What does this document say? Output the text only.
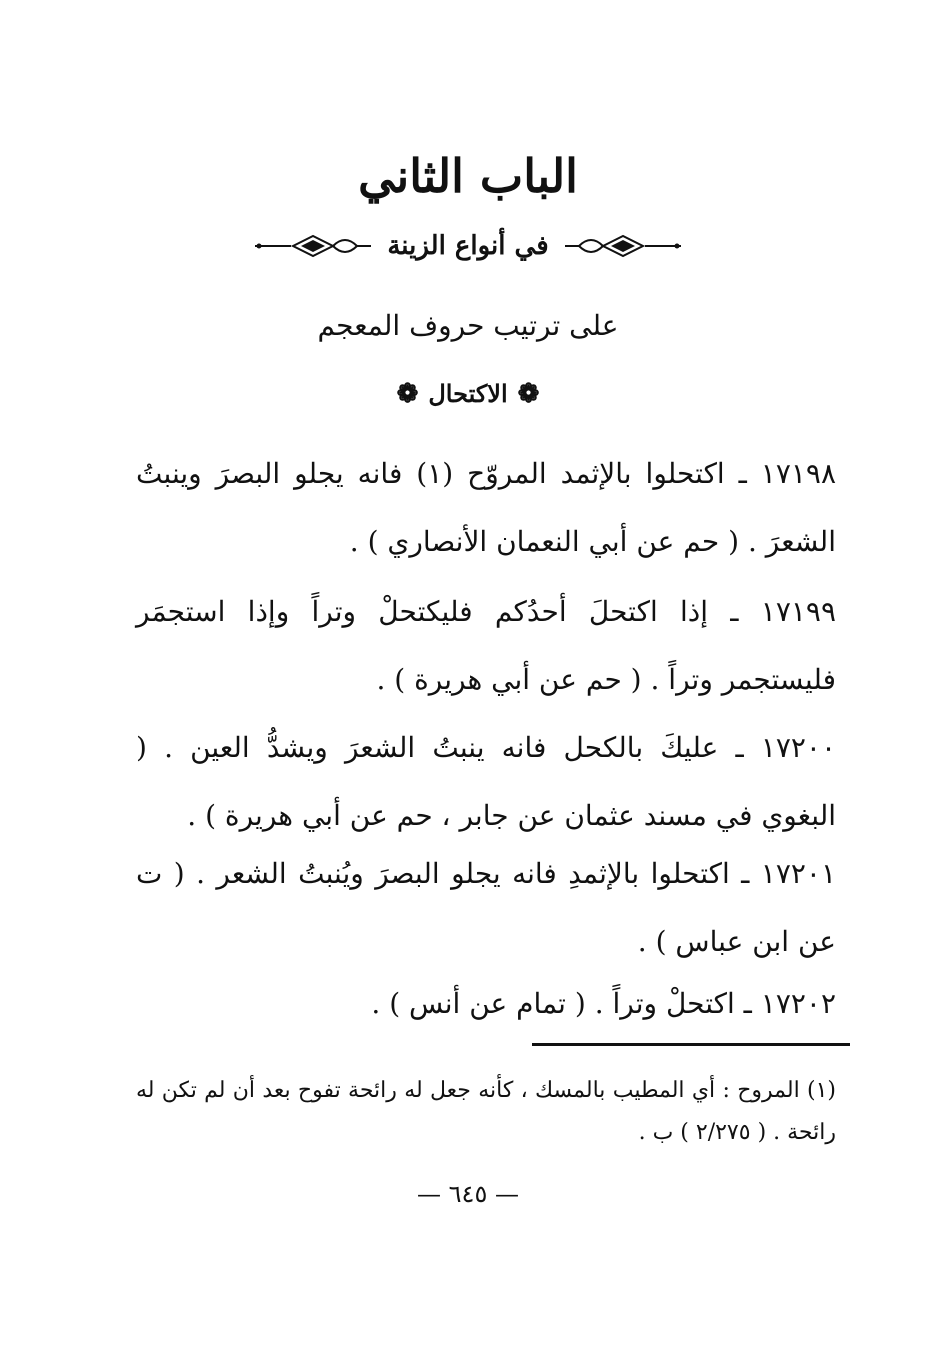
الباب الثاني
في أنواع الزينة
على ترتيب حروف المعجم
❁ الاكتحال ❁
١٧١٩٨ ـ اكتحلوا بالإثمد المروّح (١) فانه يجلو البصرَ وينبتُ الشعرَ . ( حم عن أبي النعمان الأنصاري ) .
١٧١٩٩ ـ إذا اكتحلَ أحدُكم فليكتحلْ وتراً وإذا استجمَر فليستجمر وتراً . ( حم عن أبي هريرة ) .
١٧٢٠٠ ـ عليكَ بالكحل فانه ينبتُ الشعرَ ويشدُّ العين . ( البغوي في مسند عثمان عن جابر ، حم عن أبي هريرة ) .
١٧٢٠١ ـ اكتحلوا بالإثمدِ فانه يجلو البصرَ ويُنبتُ الشعر . ( ت عن ابن عباس ) .
١٧٢٠٢ ـ اكتحلْ وتراً . ( تمام عن أنس ) .
(١) المروح : أي المطيب بالمسك ، كأنه جعل له رائحة تفوح بعد أن لم تكن له رائحة . ( ٢/٢٧٥ ) ب .
— ٦٤٥ —
